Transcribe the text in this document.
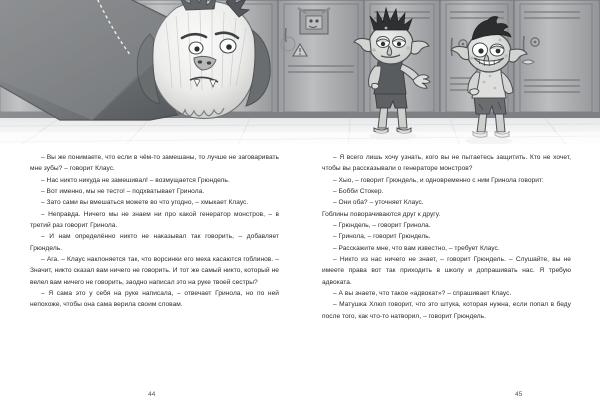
– Вы же понимаете, что если в чём-то замешаны, то лучше не заговаривать мне зубы? – говорит Клаус.

– Нас никто никуда не замешивал! – возмущается Грюндель.

– Вот именно, мы не тесто! – подхватывает Гринола.

– Зато сами вы вмешаться можете во что угодно, – хмыкает Клаус.

– Неправда. Ничего мы не знаем ни про какой генератор монстров, – в третий раз говорит Гринола.

– И нам определённо никто не наказывал так говорить, – добавляет Грюндель.

– Ага. – Клаус наклоняется так, что ворсинки его меха касаются гоблинов. – Значит, никто сказал вам ничего не говорить. И тот же самый никто, который не велел вам ничего не говорить, заодно написал это на руке твоей сестры?

– Я сама это у себя на руке написала, – отвечает Гринола, но по ней непохоже, чтобы она сама верила своим словам.

44

– Я всего лишь хочу узнать, кого вы не пытаетесь защитить. Кто не хочет, чтобы вы рассказывали о генераторе монстров?

– Хыо, – говорит Грюндель, и одновременно с ним Гринола говорит:

– Бобби Стокер.

– Они оба? – уточняет Клаус.

Гоблины поворачиваются друг к другу.

– Грюндель, – говорит Гринола.

– Гринола, – говорит Грюндель.

– Расскажите мне, что вам известно, – требует Клаус.

– Никто из нас ничего не знает, – говорит Грюндель. – Слушайте, вы не имеете права вот так приходить в школу и допрашивать нас. Я требую адвоката.

– А вы знаете, что такое «адвокат»? – спрашивает Клаус.

– Матушка Хлюп говорит, что это штука, которая нужна, если попал в беду после того, как что-то натворил, – говорит Грюндель.

45
